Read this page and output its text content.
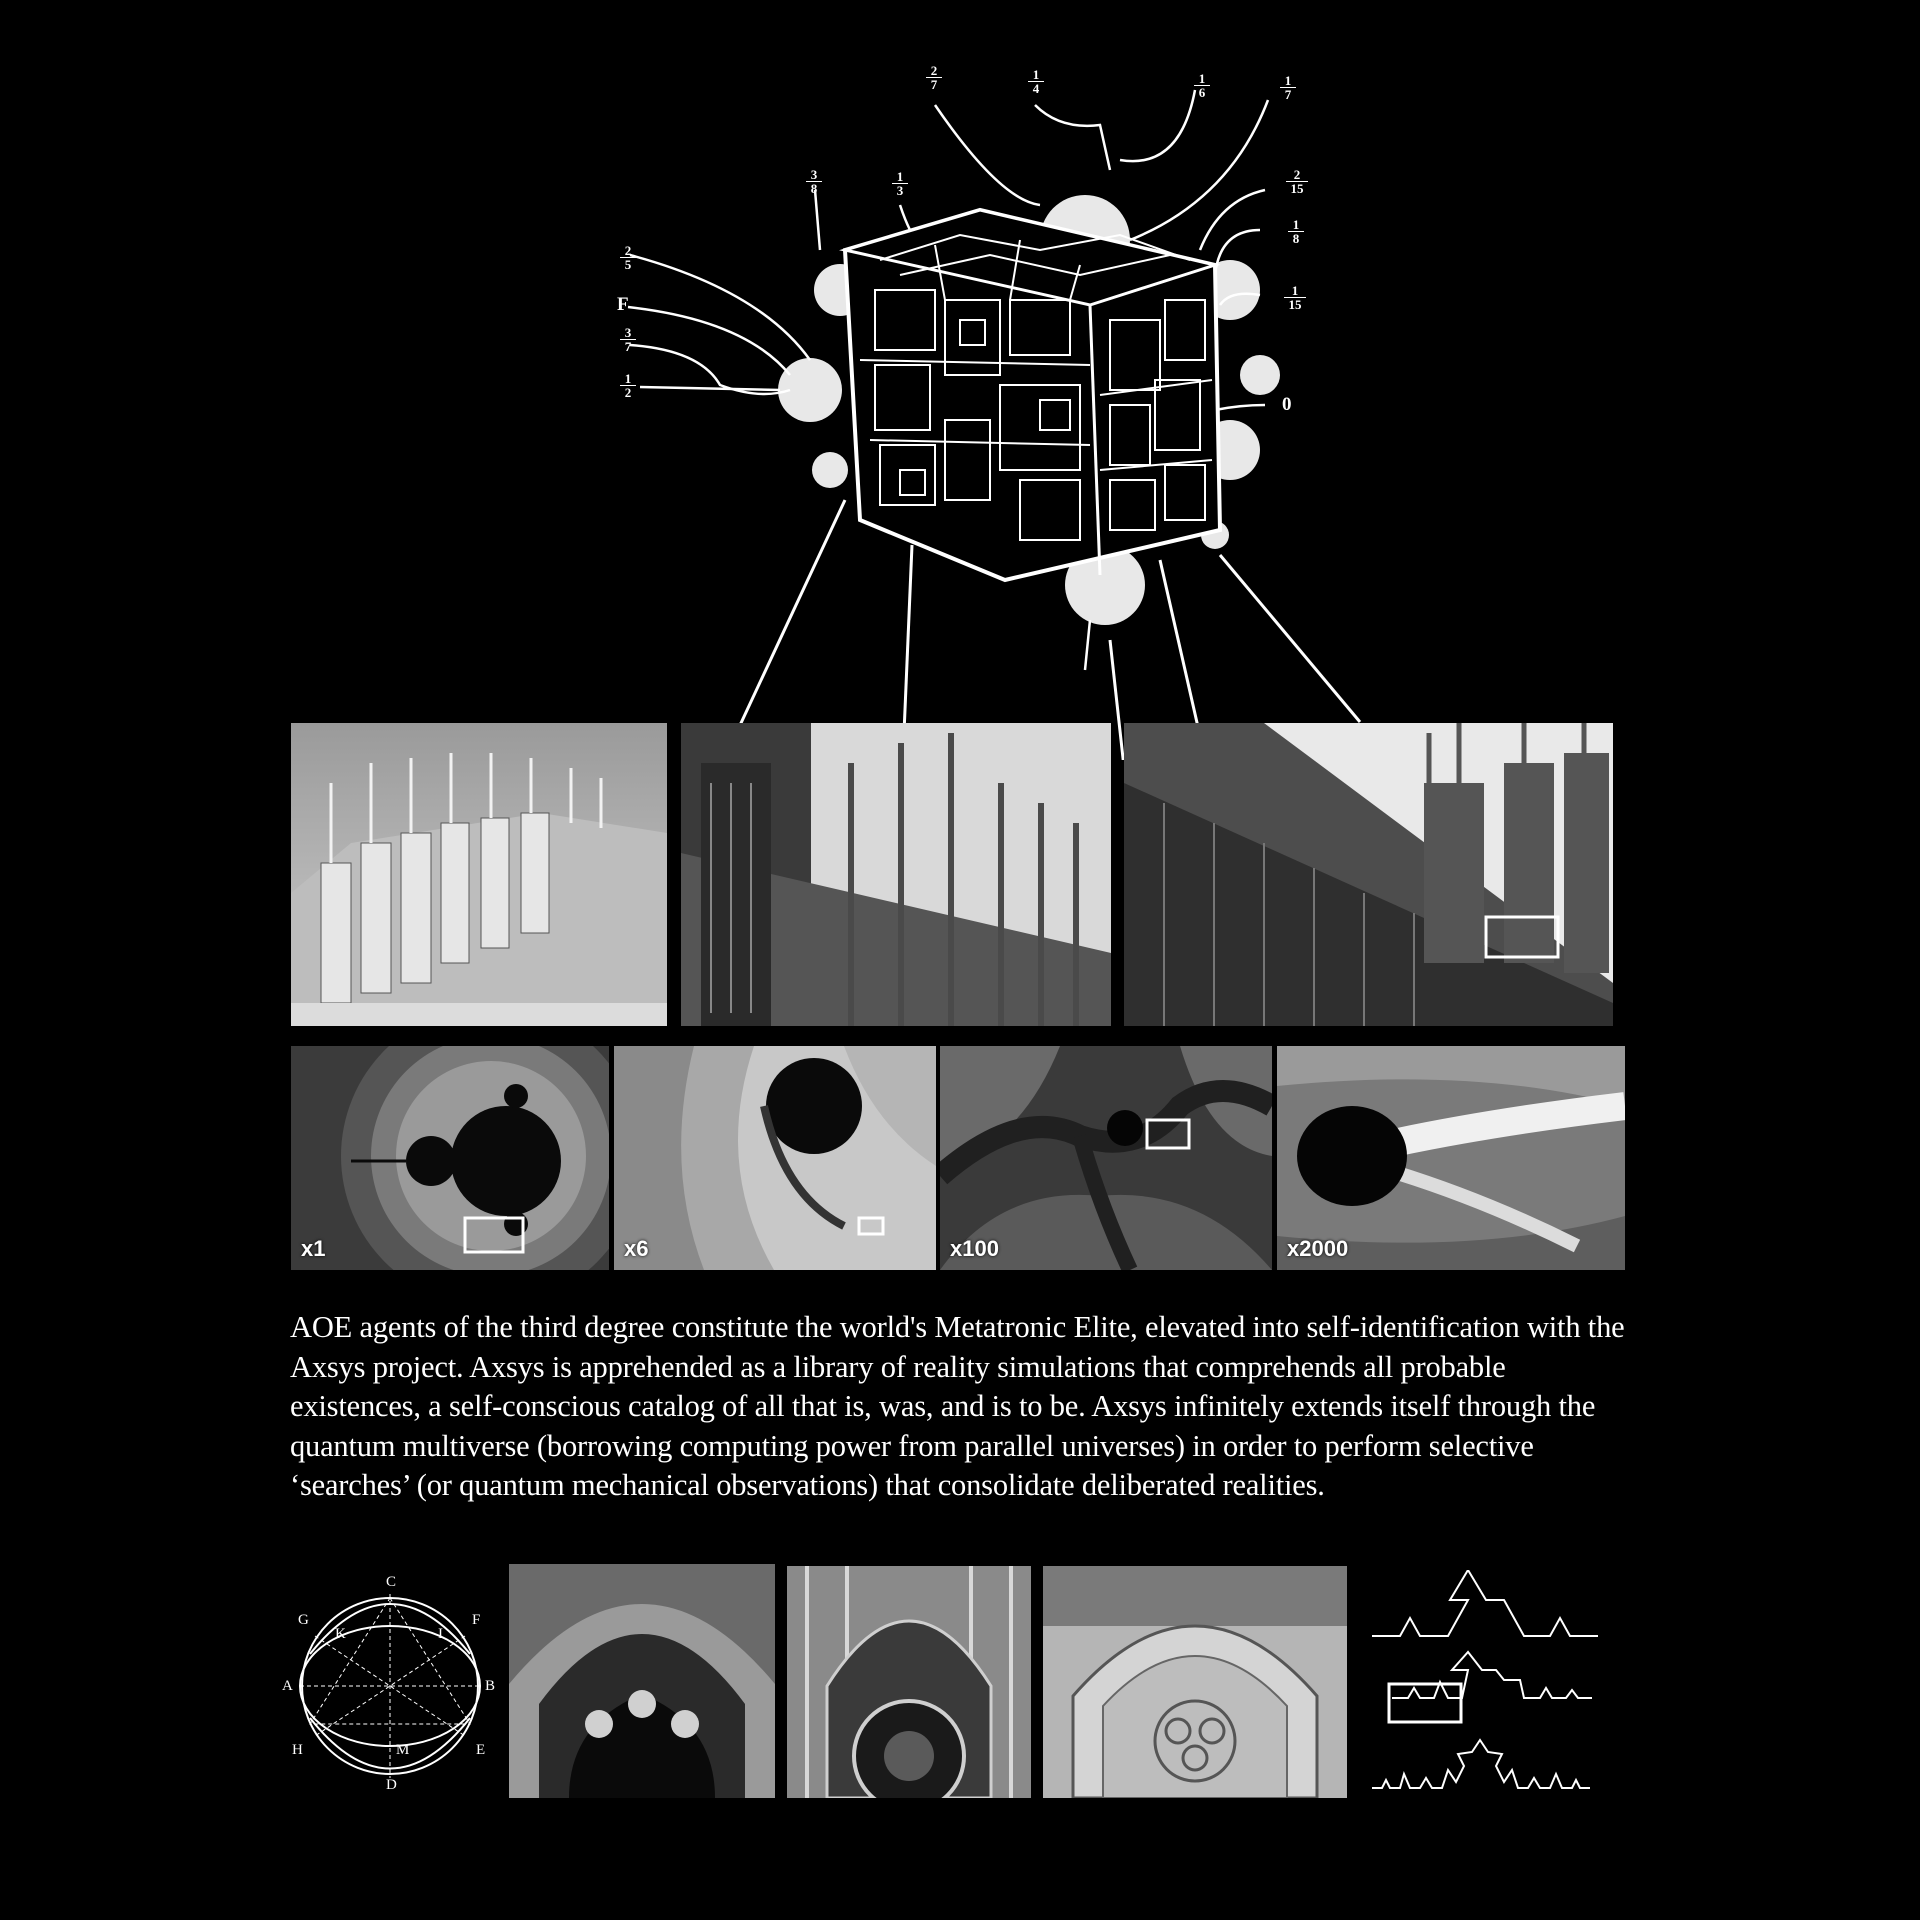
$\frac{2}{7}$	$\frac{1}{4}$	$\frac{1}{6}$	$\frac{1}{7}$
$\frac{3}{8}$	$\frac{1}{3}$	$\frac{2}{15}$
$\frac{1}{8}$
$\frac{2}{5}$
$\frac{1}{15}$
F
$\frac{3}{7}$
$\frac{1}{2}$
0
x1	x6	x100	x2000
AOE agents of the third degree constitute the world's Metatronic Elite, elevated into self-identification with the Axsys project. Axsys is apprehended as a library of reality simulations that comprehends all probable existences, a self-conscious catalog of all that is, was, and is to be. Axsys infinitely extends itself through the quantum multiverse (borrowing computing power from parallel universes) in order to perform selective ‘searches’ (or quantum mechanical observations) that consolidate deliberated realities.
C
G
K	I
F
A	B
H	M	E
D
